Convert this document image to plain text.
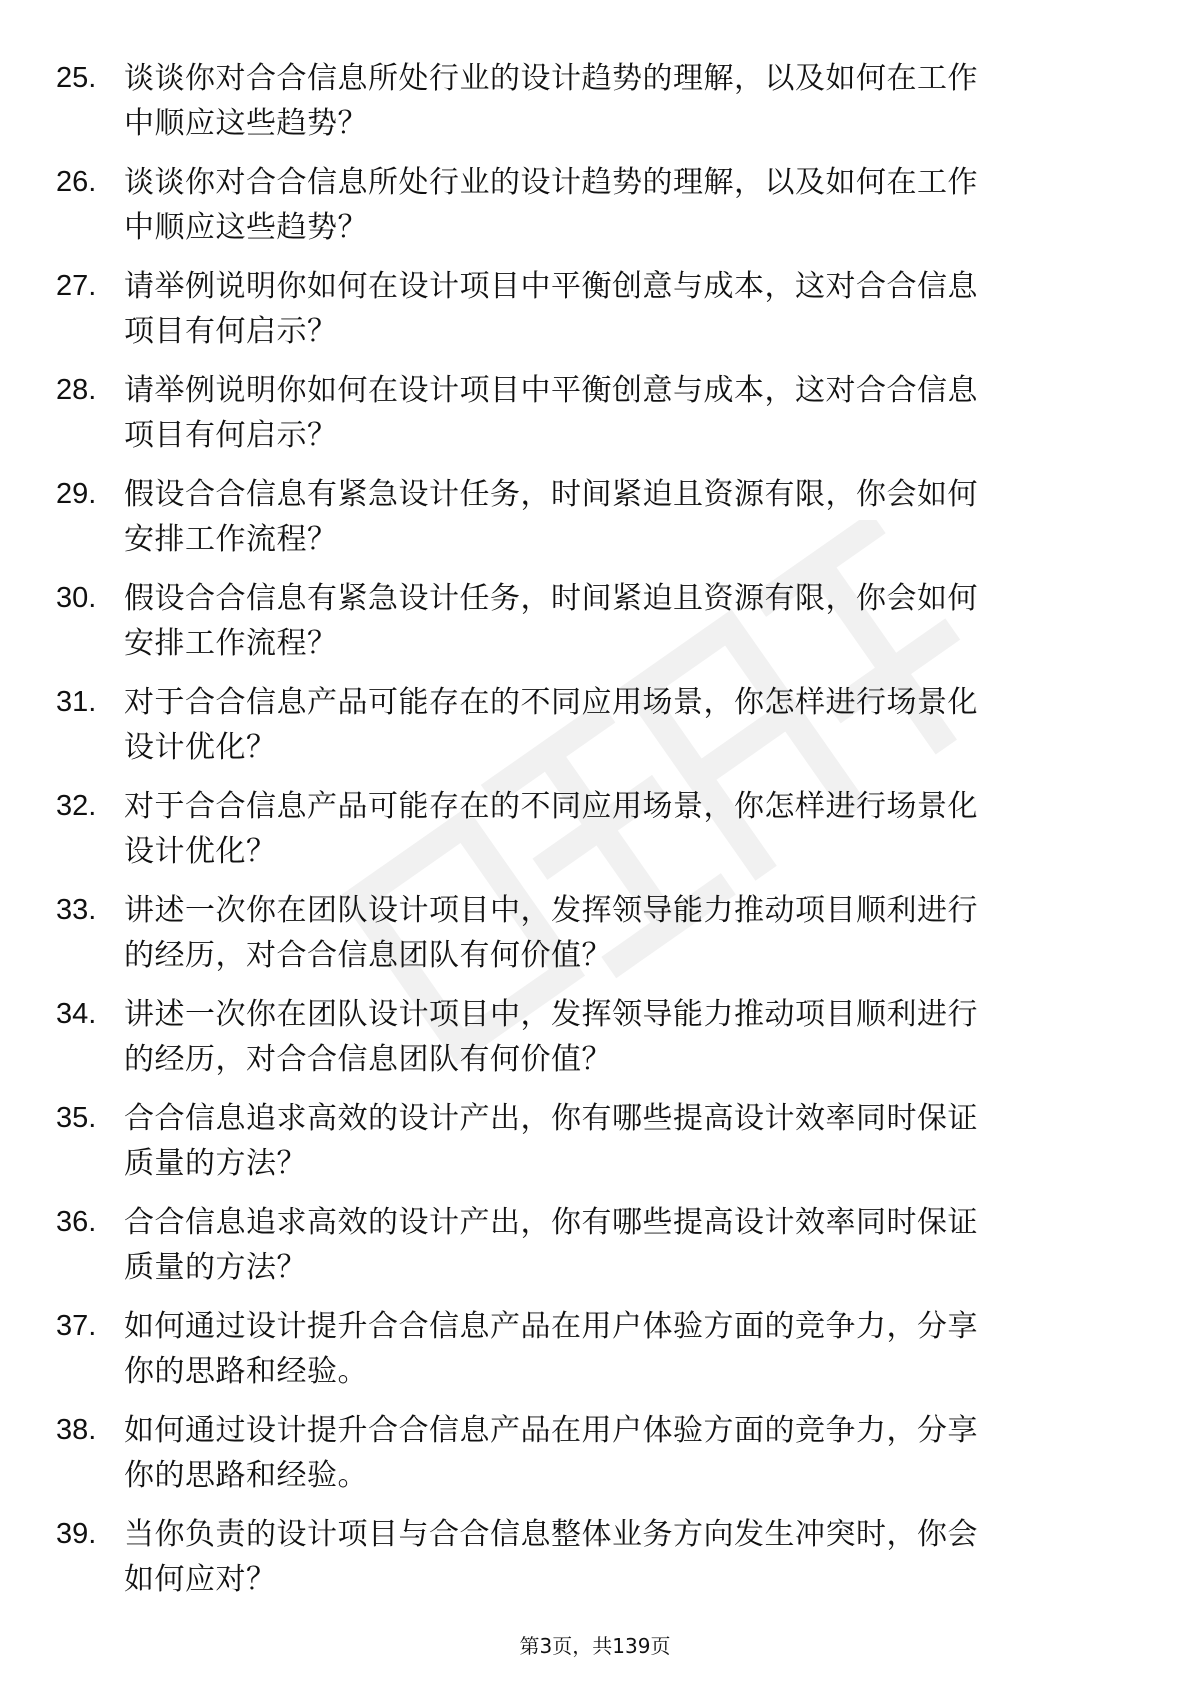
25. 谈谈你对合合信息所处行业的设计趋势的理解，以及如何在工作
中顺应这些趋势？
26. 谈谈你对合合信息所处行业的设计趋势的理解，以及如何在工作
中顺应这些趋势？
27. 请举例说明你如何在设计项目中平衡创意与成本，这对合合信息
项目有何启示？
28. 请举例说明你如何在设计项目中平衡创意与成本，这对合合信息
项目有何启示？
29. 假设合合信息有紧急设计任务，时间紧迫且资源有限，你会如何
安排工作流程？
30. 假设合合信息有紧急设计任务，时间紧迫且资源有限，你会如何
安排工作流程？
31. 对于合合信息产品可能存在的不同应用场景，你怎样进行场景化
设计优化？
32. 对于合合信息产品可能存在的不同应用场景，你怎样进行场景化
设计优化？
33. 讲述一次你在团队设计项目中，发挥领导能力推动项目顺利进行
的经历，对合合信息团队有何价值？
34. 讲述一次你在团队设计项目中，发挥领导能力推动项目顺利进行
的经历，对合合信息团队有何价值？
35. 合合信息追求高效的设计产出，你有哪些提高设计效率同时保证
质量的方法？
36. 合合信息追求高效的设计产出，你有哪些提高设计效率同时保证
质量的方法？
37. 如何通过设计提升合合信息产品在用户体验方面的竞争力，分享
你的思路和经验。
38. 如何通过设计提升合合信息产品在用户体验方面的竞争力，分享
你的思路和经验。
39. 当你负责的设计项目与合合信息整体业务方向发生冲突时，你会
如何应对？
第3页，共139页
